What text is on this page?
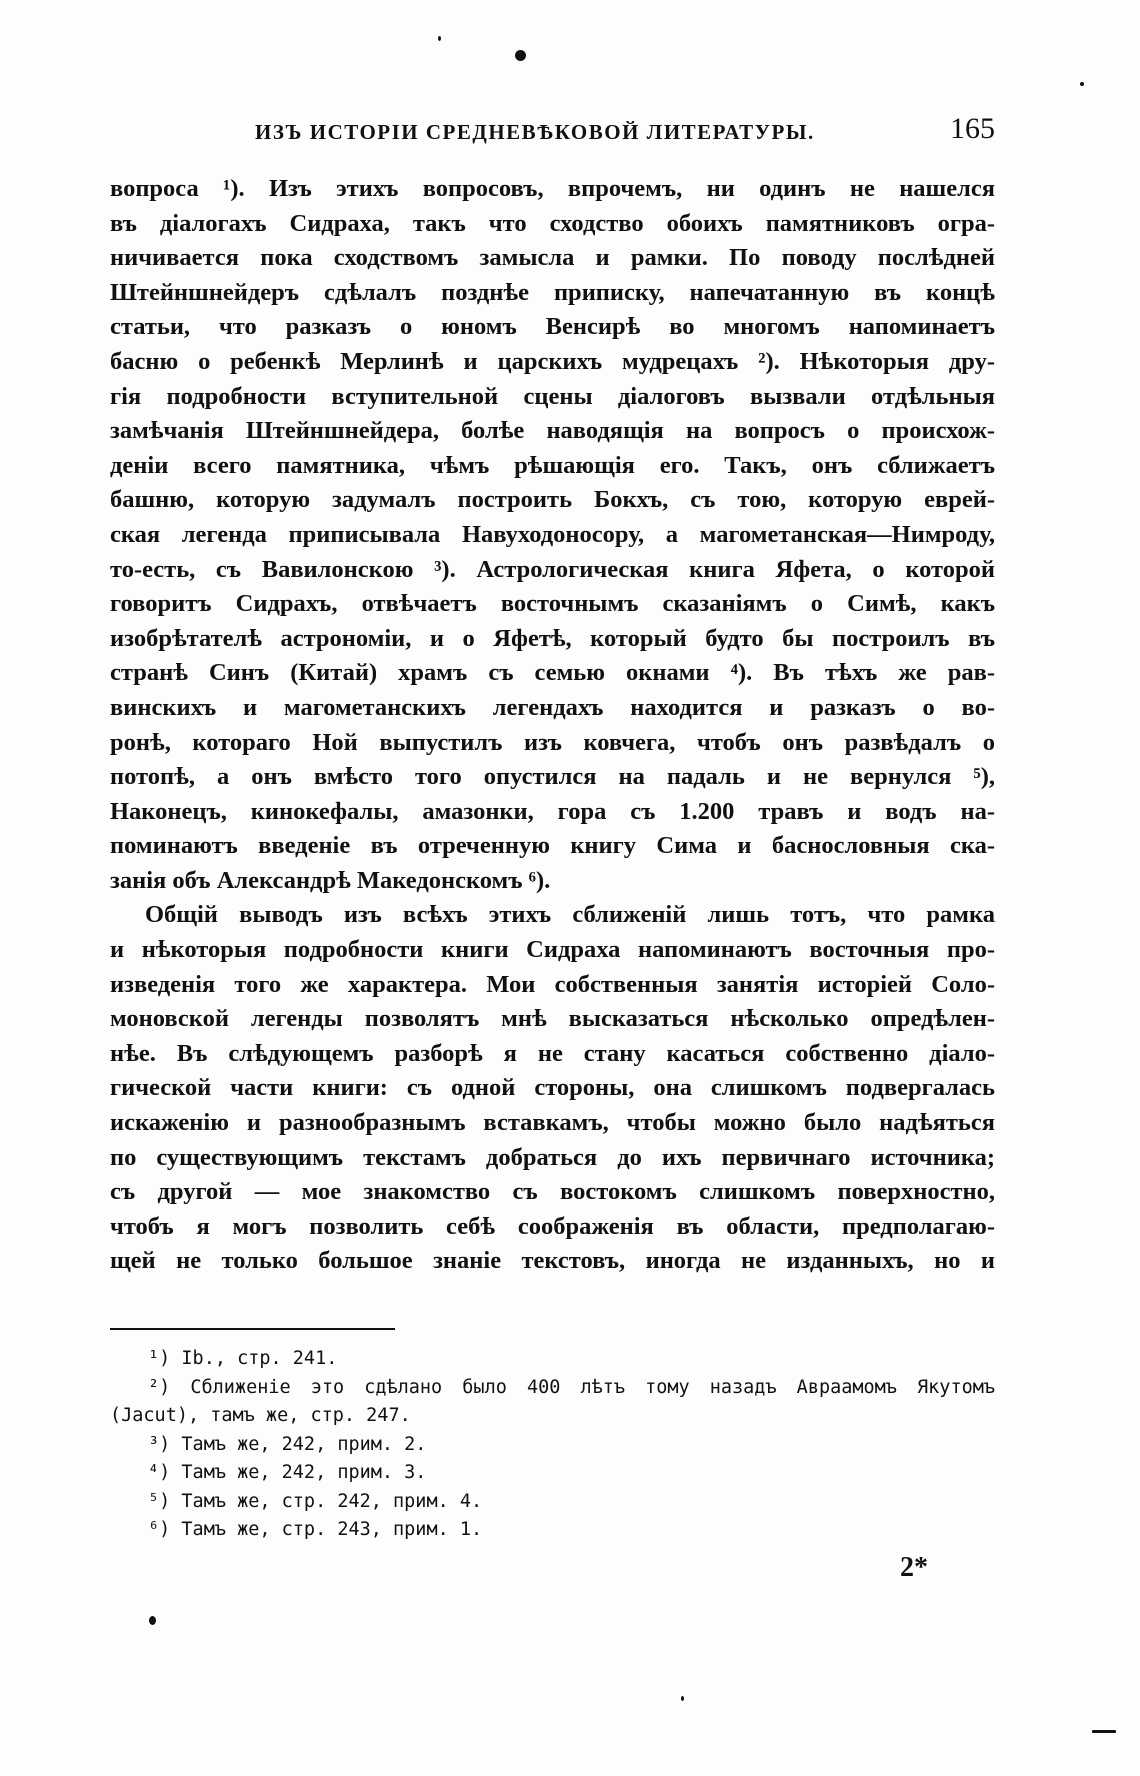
ИЗЪ ИСТОРІИ СРЕДНЕВѢКОВОЙ ЛИТЕРАТУРЫ.	165
вопроса ¹). Изъ этихъ вопросовъ, впрочемъ, ни одинъ не нашелся
въ діалогахъ Сидраха, такъ что сходство обоихъ памятниковъ огра-
ничивается пока сходствомъ замысла и рамки. По поводу послѣдней
Штейншнейдеръ сдѣлалъ позднѣе приписку, напечатанную въ концѣ
статьи, что разказъ о юномъ Венсирѣ во многомъ напоминаетъ
басню о ребенкѣ Мерлинѣ и царскихъ мудрецахъ ²). Нѣкоторыя дру-
гія подробности вступительной сцены діалоговъ вызвали отдѣльныя
замѣчанія Штейншнейдера, болѣе наводящія на вопросъ о происхож-
деніи всего памятника, чѣмъ рѣшающія его. Такъ, онъ сближаетъ
башню, которую задумалъ построить Бокхъ, съ тою, которую еврей-
ская легенда приписывала Навуходоносору, а магометанская—Нимроду,
то-есть, съ Вавилонскою ³). Астрологическая книга Яфета, о которой
говоритъ Сидрахъ, отвѣчаетъ восточнымъ сказаніямъ о Симѣ, какъ
изобрѣтателѣ астрономіи, и о Яфетѣ, который будто бы построилъ въ
странѣ Синъ (Китай) храмъ съ семью окнами ⁴). Въ тѣхъ же рав-
винскихъ и магометанскихъ легендахъ находится и разказъ о во-
ронѣ, котораго Ной выпустилъ изъ ковчега, чтобъ онъ развѣдалъ о
потопѣ, а онъ вмѣсто того опустился на падаль и не вернулся ⁵),
Наконецъ, кинокефалы, амазонки, гора съ 1.200 травъ и водъ на-
поминаютъ введеніе въ отреченную книгу Сима и баснословныя ска-
занія объ Александрѣ Македонскомъ ⁶).
Общій выводъ изъ всѣхъ этихъ сближеній лишь тотъ, что рамка
и нѣкоторыя подробности книги Сидраха напоминаютъ восточныя про-
изведенія того же характера. Мои собственныя занятія исторіей Соло-
моновской легенды позволятъ мнѣ высказаться нѣсколько опредѣлен-
нѣе. Въ слѣдующемъ разборѣ я не стану касаться собственно діало-
гической части книги: съ одной стороны, она слишкомъ подвергалась
искаженію и разнообразнымъ вставкамъ, чтобы можно было надѣяться
по существующимъ текстамъ добраться до ихъ первичнаго источника;
съ другой — мое знакомство съ востокомъ слишкомъ поверхностно,
чтобъ я могъ позволить себѣ соображенія въ области, предполагаю-
щей не только большое знаніе текстовъ, иногда не изданныхъ, но и
¹) Ib., стр. 241.
²) Сближеніе это сдѣлано было 400 лѣтъ тому назадъ Авраамомъ Якутомъ
(Jacut), тамъ же, стр. 247.
³) Тамъ же, 242, прим. 2.
⁴) Тамъ же, 242, прим. 3.
⁵) Тамъ же, стр. 242, прим. 4.
⁶) Тамъ же, стр. 243, прим. 1.
2*
